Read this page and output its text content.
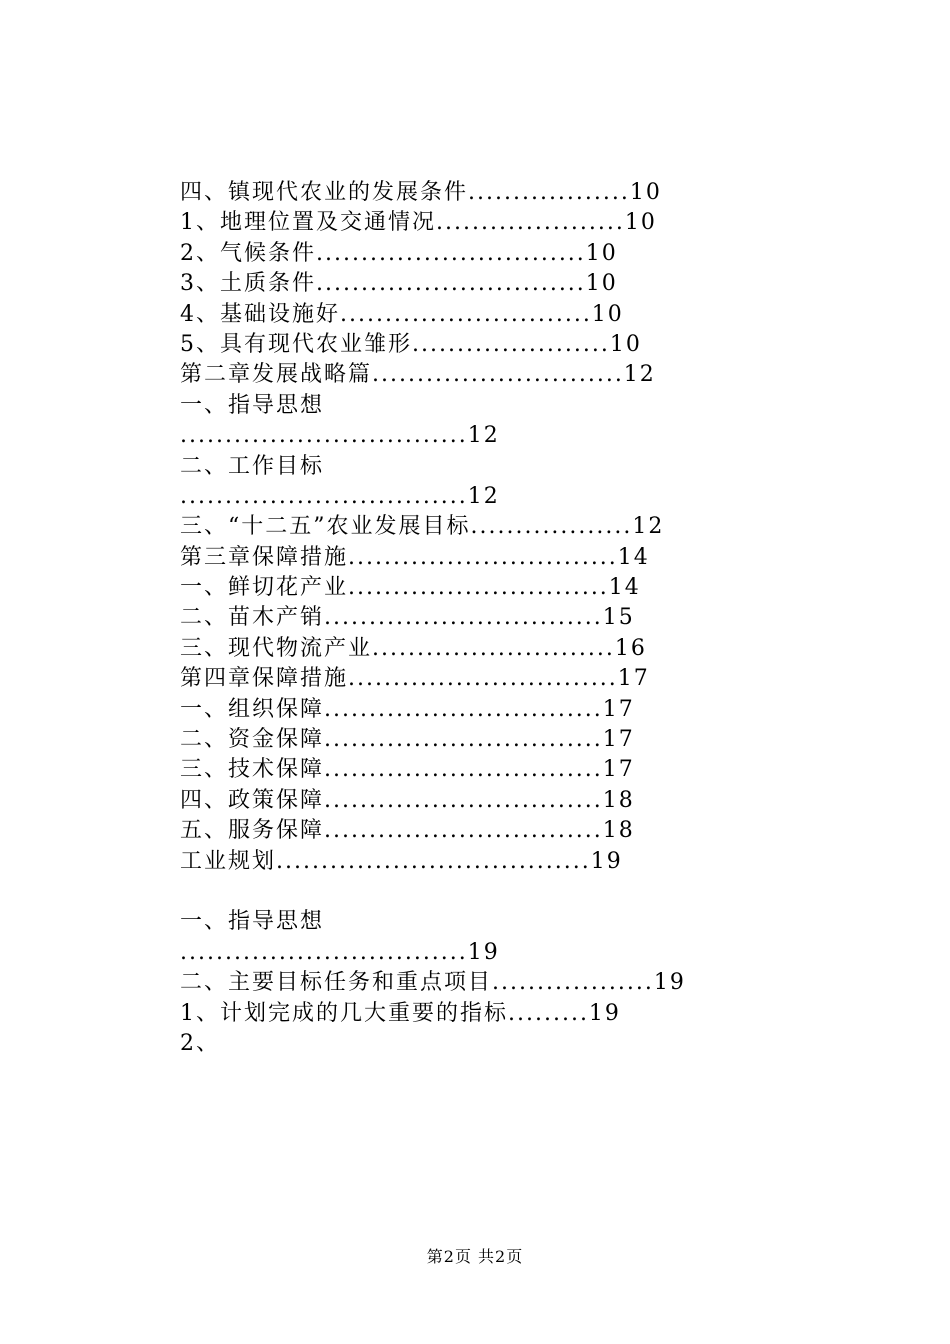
四、镇现代农业的发展条件..................10
1、地理位置及交通情况.....................10
2、气候条件..............................10
3、土质条件..............................10
4、基础设施好............................10
5、具有现代农业雏形......................10
第二章发展战略篇............................12
一、指导思想
................................12
二、工作目标
................................12
三、“十二五”农业发展目标..................12
第三章保障措施..............................14
一、鲜切花产业.............................14
二、苗木产销...............................15
三、现代物流产业...........................16
第四章保障措施..............................17
一、组织保障...............................17
二、资金保障...............................17
三、技术保障...............................17
四、政策保障...............................18
五、服务保障...............................18
工业规划...................................19
一、指导思想
................................19
二、主要目标任务和重点项目..................19
1、计划完成的几大重要的指标.........19
2、
第2页 共2页
